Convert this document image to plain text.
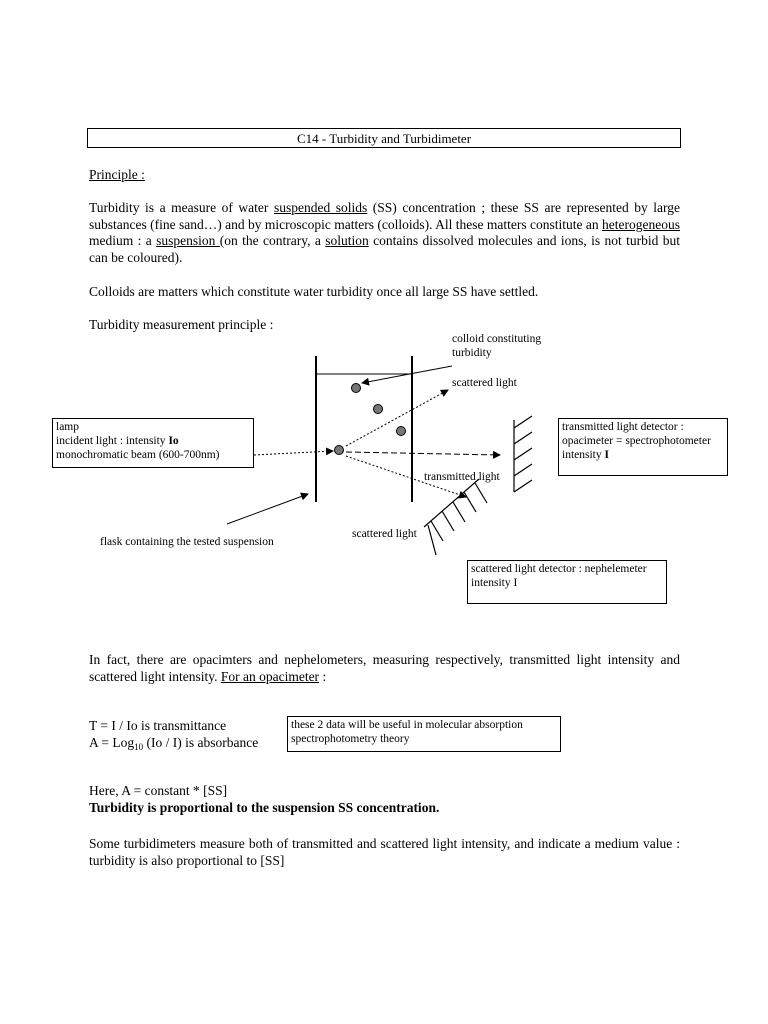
C14 - Turbidity and Turbidimeter
Principle :
Turbidity is a measure of water suspended solids (SS) concentration ; these SS are represented by large substances (fine sand…) and by microscopic matters (colloids). All these matters constitute an heterogeneous medium : a suspension (on the contrary, a solution contains dissolved molecules and ions, is not turbid but can be coloured).
Colloids are matters which constitute water turbidity once all large SS have settled.
Turbidity measurement principle :
colloid constituting
turbidity
scattered light
lamp
incident light : intensity Io
monochromatic beam (600-700nm)
transmitted light detector :
opacimeter = spectrophotometer
intensity I
transmitted light
scattered light
flask containing the tested suspension
scattered light detector : nephelemeter
intensity I
In fact, there are opacimters and nephelometers, measuring respectively, transmitted light intensity and scattered light intensity. For an opacimeter :
T = I / Io is transmittance
A = Log$_{10}$ (Io / I) is absorbance
these 2 data will be useful in molecular absorption spectrophotometry theory
Here, A = constant * [SS]
Turbidity is proportional to the suspension SS concentration.
Some turbidimeters measure both of transmitted and scattered light intensity, and indicate a medium value : turbidity is also proportional to [SS]
